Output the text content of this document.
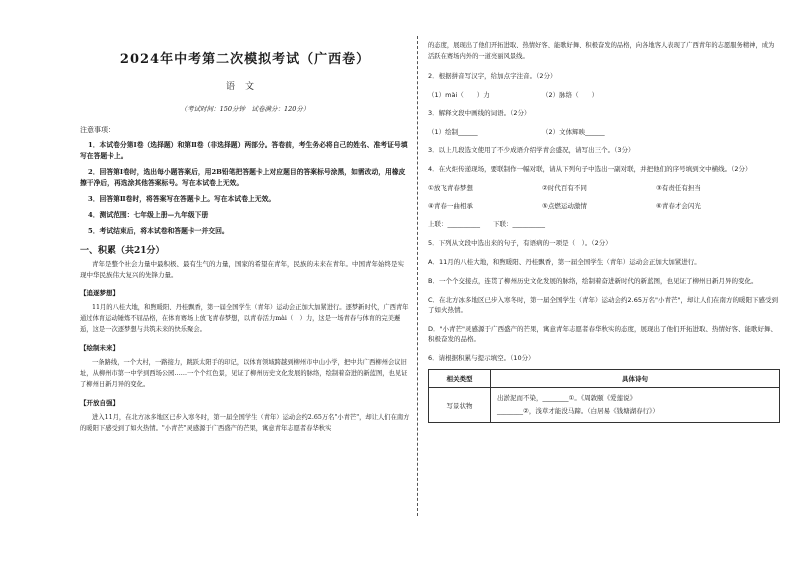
2024年中考第二次模拟考试（广西卷）
语文
（考试时间：150分钟　试卷满分：120分）
注意事项：
1．本试卷分第Ⅰ卷（选择题）和第Ⅱ卷（非选择题）两部分。答卷前，考生务必将自己的姓名、准考证号填写在答题卡上。
2．回答第Ⅰ卷时，选出每小题答案后，用2B铅笔把答题卡上对应题目的答案标号涂黑，如需改动，用橡皮擦干净后，再选涂其他答案标号。写在本试卷上无效。
3．回答第Ⅱ卷时，将答案写在答题卡上。写在本试卷上无效。
4．测试范围：七年级上册—九年级下册
5．考试结束后，将本试卷和答题卡一并交回。
一、积累（共21分）
青年是整个社会力量中最积极、最有生气的力量，国家的希望在青年，民族的未来在青年。中国青年始终是实现中华民族伟大复兴的先锋力量。
【追逐梦想】
11月的八桂大地，和煦暖阳、丹桂飘香，第一届全国学生（青年）运动会正加大加紧进行。逐梦新时代，广西青年通过体育运动锤炼不屈品格，在体育赛场上放飞青春梦想，以青春活力mài（　）力，这是一场青春与体育的完美邂逅，这是一次逐梦想与共筑未来的快乐聚会。
【绘制未来】
一条路线，一个大村，一路接力，跳跃太阳手的印记，以体育领域跨越到柳州市中山小学，把中共广西柳州会议旧址，从柳州市第一中学到西场公园……一个个红色景，见证了柳州历史文化发展的脉络，绘制着奋进的新蓝图，也见证了柳州日新月异的变化。
【开放自强】
进入11月，在北方冰多地区已步入寒冬时，第一届全国学生（青年）运动会约2.65万名"小青芒"，却让人们在南方的暖阳下感受到了如火热情。"小青芒"灵感源于广西盛产的芒果，寓意青年志愿者春华秋实
的态度，展现出了他们开拓进取、热情好客、能歌好舞、积极奋发的品格，向各地客人表现了广西青年的志愿服务精神，成为活跃在赛场内外的一道亮丽风景线。
2．根据拼音写汉字，给加点字注音。（2分）
（1）mài（　　）力	（2）脉络（　　）
3．解释文段中画线的词语。（2分）
（1）绘制______	（2）文体辉映______
3．以上几段选文使用了不少成语介绍学青会盛况，请写出三个。（3分）
4．在火炬传递现场，要联制作一幅对联，请从下列句子中选出一副对联，并把他们的序号填到文中横线。（2分）
①放飞青春梦想	②时代百有不同	③有责任有担当
④青春一曲相承	⑤点燃运动激情	⑥青春才会闪光
上联：__________　　下联：__________
5．下列从文段中选出来的句子，有语病的一项是（　）。（2分）
A．11月的八桂大地，和煦暖阳、丹桂飘香，第一届全国学生（青年）运动会正加大加紧进行。
B．一个个交接点，连贯了柳州历史文化发展的脉络，绘制着奋进新时代的新蓝图，也见证了柳州日新月异的变化。
C．在北方冰多地区已步入寒冬时，第一届全国学生（青年）运动会约2.65万名"小青芒"，却让人们在南方的暖阳下感受到了如火热情。
D．"小青芒"灵感源于广西盛产的芒果，寓意青年志愿者春华秋实的态度，展现出了他们开拓进取、热情好客、能歌好舞、积极奋发的品格。
6．请根据积累与提示填空。（10分）
相关类型	具体诗句
写景状物	出淤泥而不染，________①。《周敦颐《爱莲说》
________②，浅草才能没马蹄。（白居易《钱塘湖春行》）
